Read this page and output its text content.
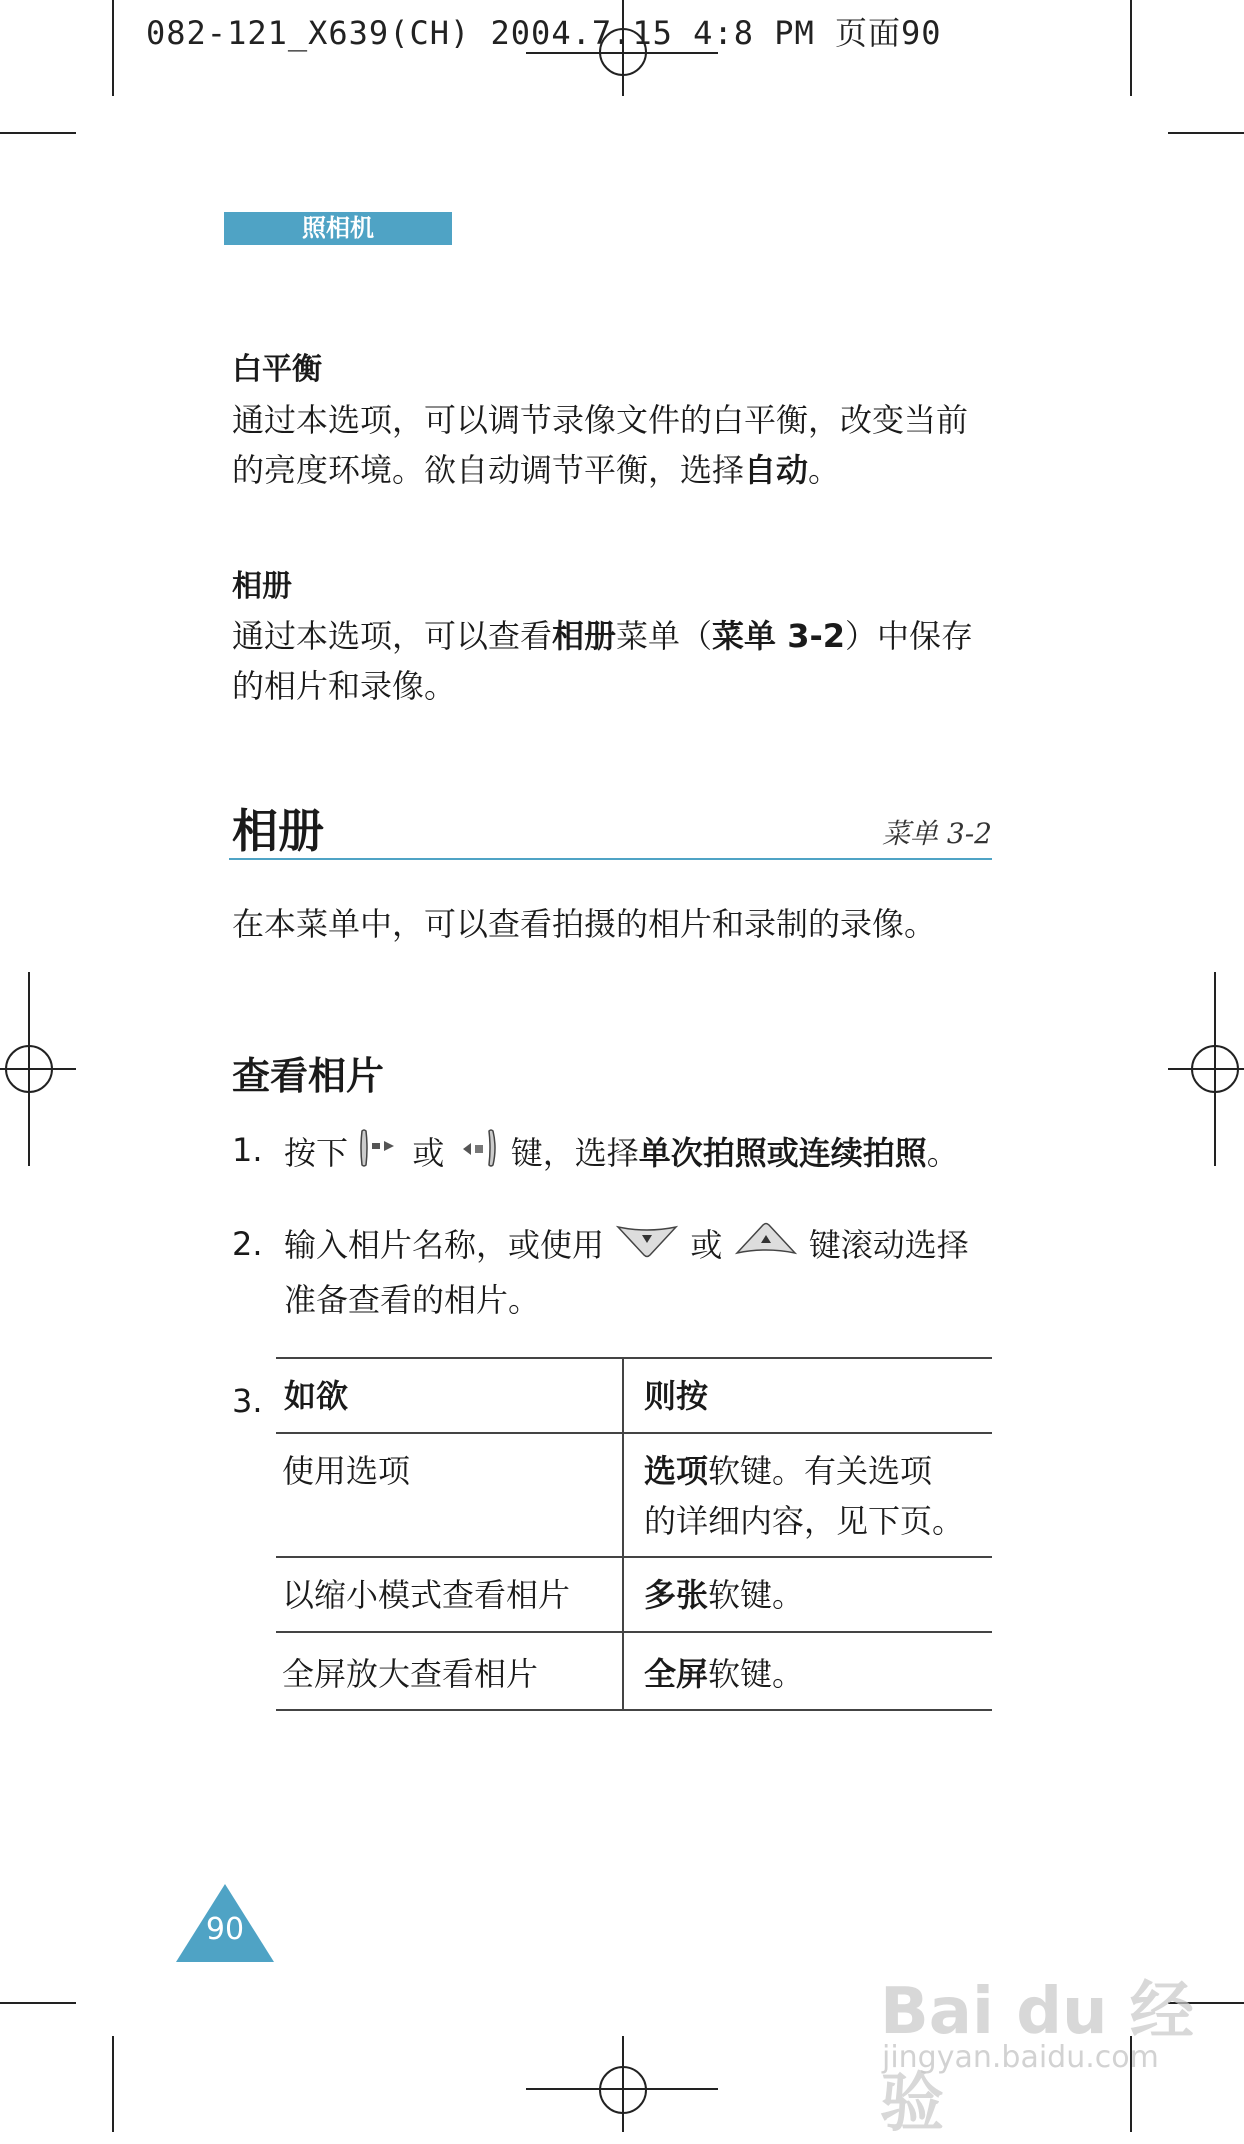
082-121_X639(CH) 2004.7.15 4:8 PM 页面90
照相机
白平衡
通过本选项，可以调节录像文件的白平衡，改变当前
的亮度环境。欲自动调节平衡，选择自动。
相册
通过本选项，可以查看相册菜单（菜单 3-2）中保存
的相片和录像。
相册	菜单 3-2
在本菜单中，可以查看拍摄的相片和录制的录像。
查看相片
1. 按下 或 键，选择单次拍照或连续拍照。
2. 输入相片名称，或使用	或	键滚动选择
准备查看的相片。
3. 如欲	则按
使用选项	选项软键。有关选项
的详细内容，见下页。
以缩小模式查看相片 多张软键。
全屏放大查看相片	全屏软键。
90
Bai du 经验
jingyan.baidu.com
